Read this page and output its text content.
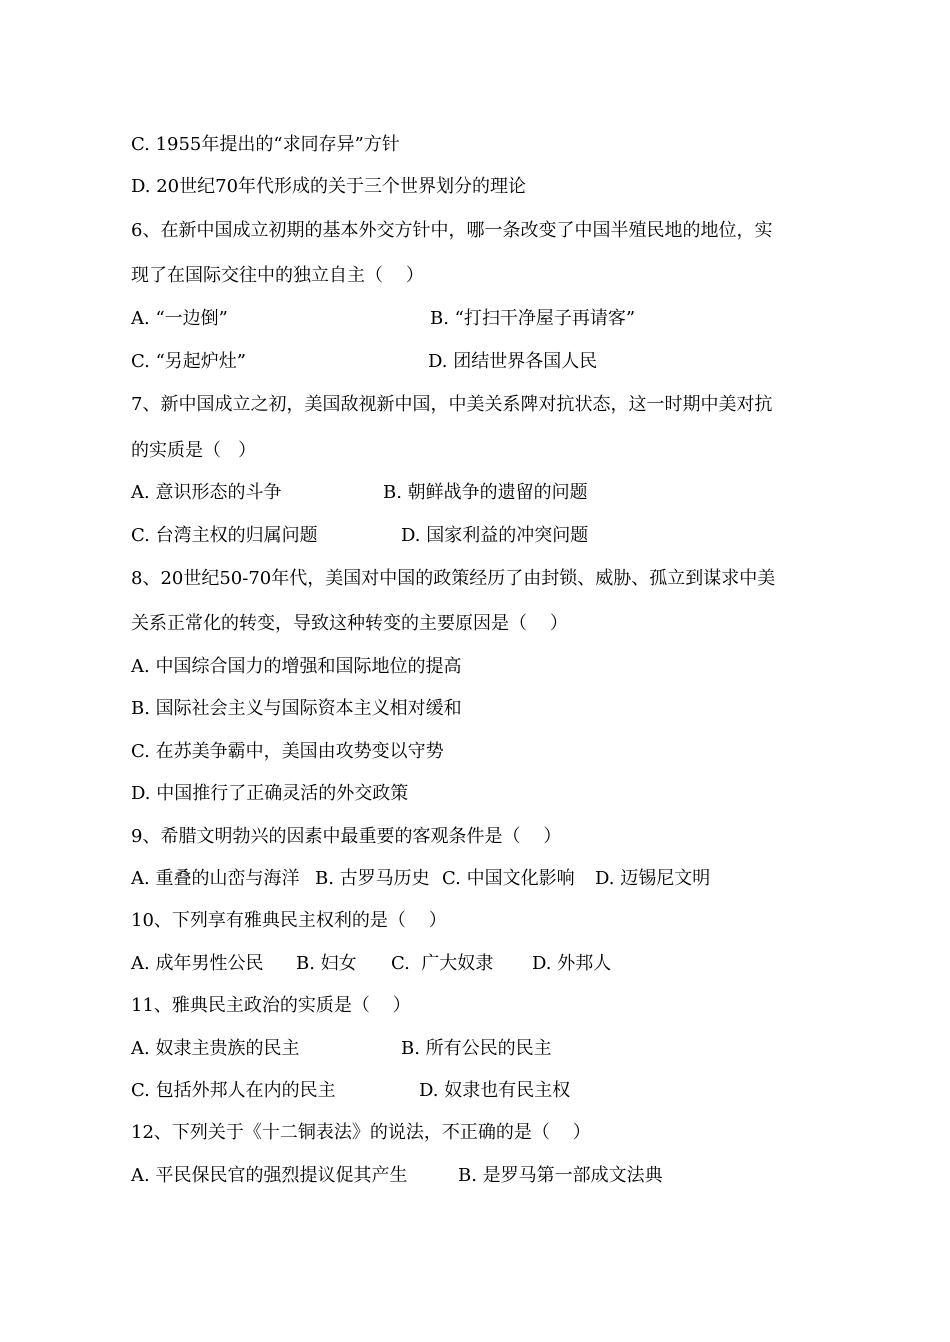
C. 1955年提出的“求同存异”方针
D. 20世纪70年代形成的关于三个世界划分的理论
6、在新中国成立初期的基本外交方针中，哪一条改变了中国半殖民地的地位，实
现了在国际交往中的独立自主（    ）
A. “一边倒”	B. “打扫干净屋子再请客”
C. “另起炉灶”	D. 团结世界各国人民
7、新中国成立之初，美国敌视新中国，中美关系陴对抗状态，这一时期中美对抗
的实质是（   ）
A. 意识形态的斗争	B. 朝鲜战争的遗留的问题
C. 台湾主权的归属问题	D. 国家利益的冲突问题
8、20世纪50-70年代，美国对中国的政策经历了由封锁、威胁、孤立到谋求中美
关系正常化的转变，导致这种转变的主要原因是（    ）
A. 中国综合国力的增强和国际地位的提高
B. 国际社会主义与国际资本主义相对缓和
C. 在苏美争霸中，美国由攻势变以守势
D. 中国推行了正确灵活的外交政策
9、希腊文明勃兴的因素中最重要的客观条件是（    ）
A. 重叠的山峦与海洋 B. 古罗马历史 C. 中国文化影响 D. 迈锡尼文明
10、下列享有雅典民主权利的是（    ）
A. 成年男性公民 B. 妇女 C.  广大奴隶 D. 外邦人
11、雅典民主政治的实质是（    ）
A. 奴隶主贵族的民主	B. 所有公民的民主
C. 包括外邦人在内的民主	D. 奴隶也有民主权
12、下列关于《十二铜表法》的说法，不正确的是（    ）
A. 平民保民官的强烈提议促其产生	B. 是罗马第一部成文法典
